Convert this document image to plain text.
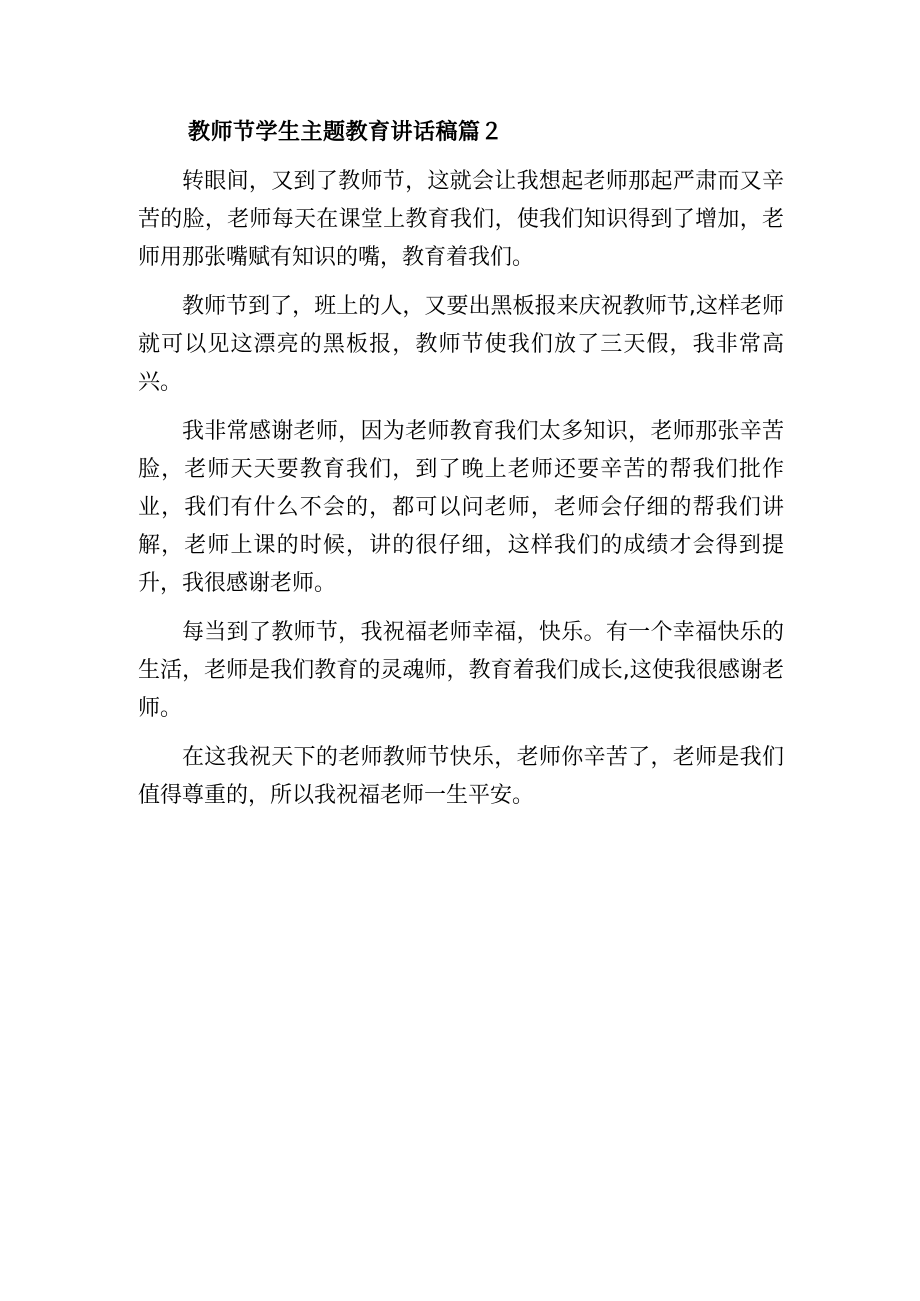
教师节学生主题教育讲话稿篇２

转眼间，又到了教师节，这就会让我想起老师那起严肃而又辛苦的脸，老师每天在课堂上教育我们，使我们知识得到了增加，老师用那张嘴赋有知识的嘴，教育着我们。

教师节到了，班上的人，又要出黑板报来庆祝教师节,这样老师就可以见这漂亮的黑板报，教师节使我们放了三天假，我非常高兴。

我非常感谢老师，因为老师教育我们太多知识，老师那张辛苦脸，老师天天要教育我们，到了晚上老师还要辛苦的帮我们批作业，我们有什么不会的，都可以问老师，老师会仔细的帮我们讲解，老师上课的时候，讲的很仔细，这样我们的成绩才会得到提升，我很感谢老师。

每当到了教师节，我祝福老师幸福，快乐。有一个幸福快乐的生活，老师是我们教育的灵魂师，教育着我们成长,这使我很感谢老师。

在这我祝天下的老师教师节快乐，老师你辛苦了，老师是我们值得尊重的，所以我祝福老师一生平安。
